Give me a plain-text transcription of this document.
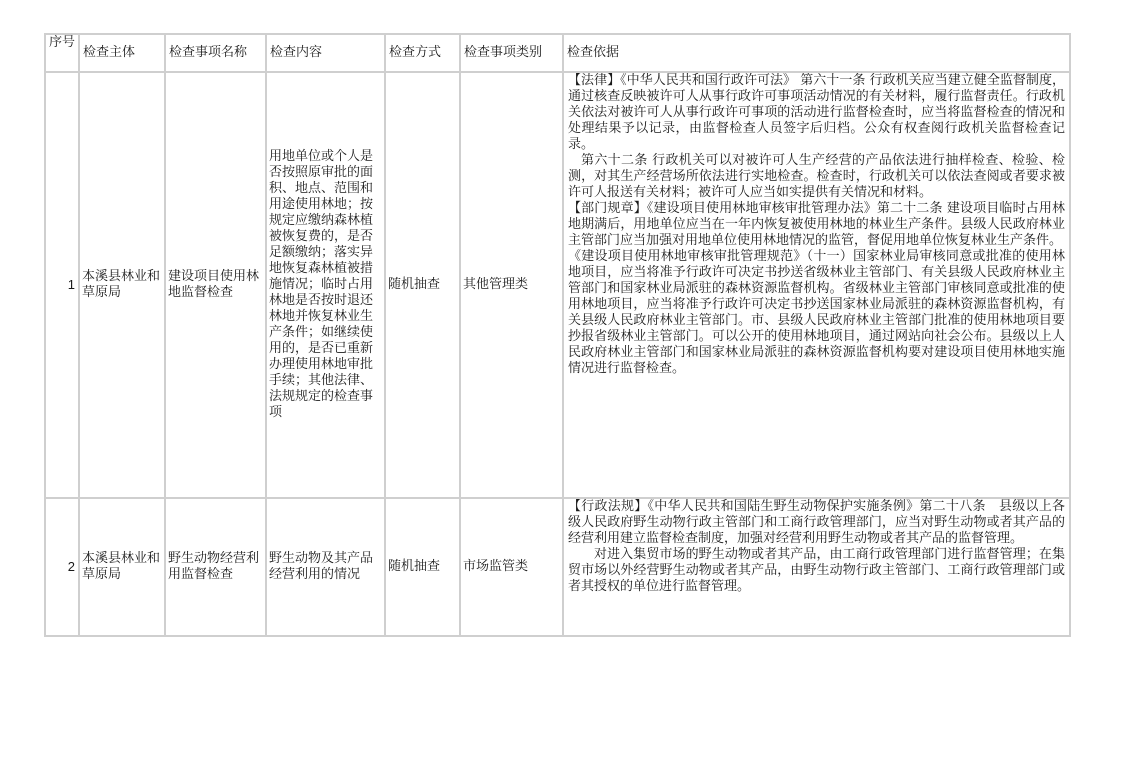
序号	检查主体	检查事项名称	检查内容	检查方式	检查事项类别	检查依据
1	本溪县林业和草原局	建设项目使用林地监督检查	用地单位或个人是否按照原审批的面积、地点、范围和用途使用林地；按规定应缴纳森林植被恢复费的，是否足额缴纳；落实异地恢复森林植被措施情况；临时占用林地是否按时退还林地并恢复林业生产条件；如继续使用的，是否已重新办理使用林地审批手续；其他法律、法规规定的检查事项	随机抽查	其他管理类	【法律】《中华人民共和国行政许可法》 第六十一条 行政机关应当建立健全监督制度，通过核查反映被许可人从事行政许可事项活动情况的有关材料，履行监督责任。行政机关依法对被许可人从事行政许可事项的活动进行监督检查时，应当将监督检查的情况和处理结果予以记录，由监督检查人员签字后归档。公众有权查阅行政机关监督检查记录。
第六十二条 行政机关可以对被许可人生产经营的产品依法进行抽样检查、检验、检测，对其生产经营场所依法进行实地检查。检查时，行政机关可以依法查阅或者要求被许可人报送有关材料；被许可人应当如实提供有关情况和材料。
【部门规章】《建设项目使用林地审核审批管理办法》第二十二条 建设项目临时占用林地期满后，用地单位应当在一年内恢复被使用林地的林业生产条件。县级人民政府林业主管部门应当加强对用地单位使用林地情况的监管，督促用地单位恢复林业生产条件。
《建设项目使用林地审核审批管理规范》（十一）国家林业局审核同意或批准的使用林地项目，应当将准予行政许可决定书抄送省级林业主管部门、有关县级人民政府林业主管部门和国家林业局派驻的森林资源监督机构。省级林业主管部门审核同意或批准的使用林地项目，应当将准予行政许可决定书抄送国家林业局派驻的森林资源监督机构，有关县级人民政府林业主管部门。市、县级人民政府林业主管部门批准的使用林地项目要抄报省级林业主管部门。可以公开的使用林地项目，通过网站向社会公布。县级以上人民政府林业主管部门和国家林业局派驻的森林资源监督机构要对建设项目使用林地实施情况进行监督检查。

2	本溪县林业和草原局	野生动物经营利用监督检查	野生动物及其产品经营利用的情况	随机抽查	市场监管类	【行政法规】《中华人民共和国陆生野生动物保护实施条例》第二十八条　县级以上各级人民政府野生动物行政主管部门和工商行政管理部门，应当对野生动物或者其产品的经营利用建立监督检查制度，加强对经营利用野生动物或者其产品的监督管理。
对进入集贸市场的野生动物或者其产品，由工商行政管理部门进行监督管理；在集贸市场以外经营野生动物或者其产品，由野生动物行政主管部门、工商行政管理部门或者其授权的单位进行监督管理。
